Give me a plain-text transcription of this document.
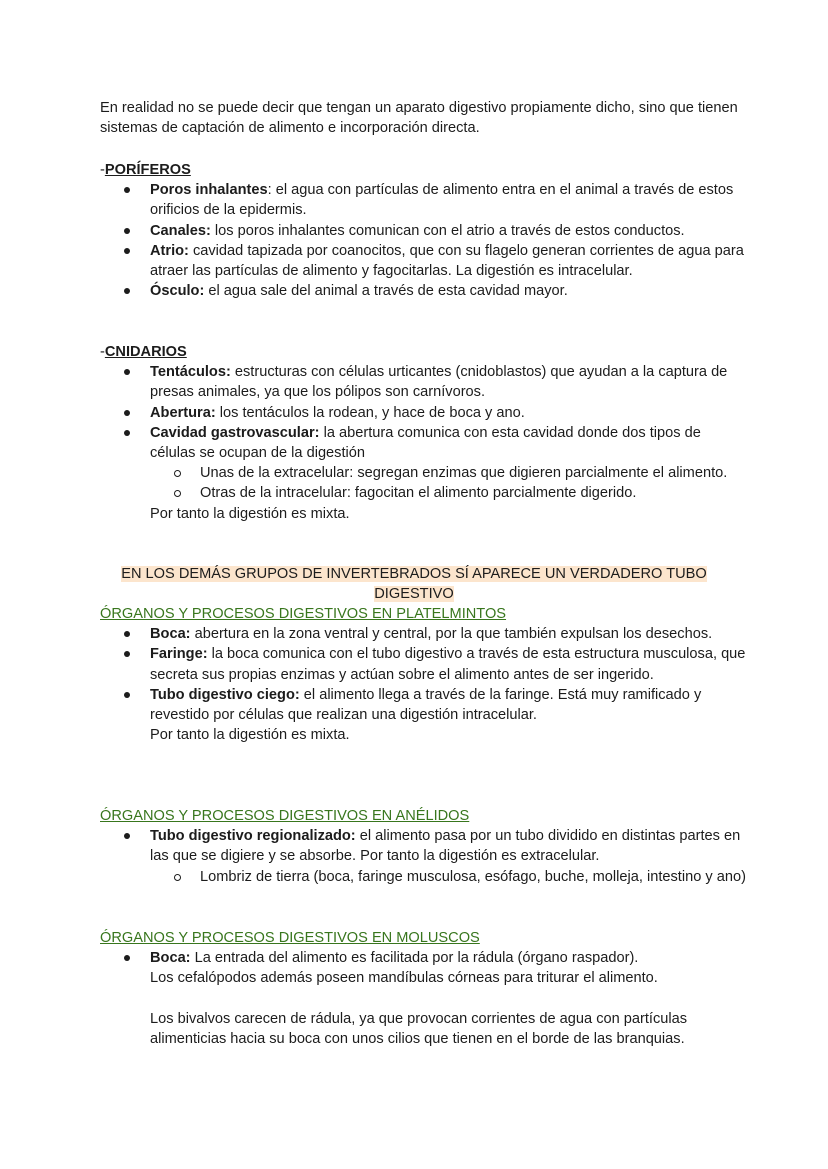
En realidad no se puede decir que tengan un aparato digestivo propiamente dicho, sino que tienen sistemas de captación de alimento e incorporación directa.

-PORÍFEROS

Poros inhalantes: el agua con partículas de alimento entra en el animal a través de estos orificios de la epidermis.
Canales: los poros inhalantes comunican con el atrio a través de estos conductos.
Atrio: cavidad tapizada por coanocitos, que con su flagelo generan corrientes de agua para atraer las partículas de alimento y fagocitarlas. La digestión es intracelular.
Ósculo: el agua sale del animal a través de esta cavidad mayor.

-CNIDARIOS

Tentáculos: estructuras con células urticantes (cnidoblastos) que ayudan a la captura de presas animales, ya que los pólipos son carnívoros.
Abertura: los tentáculos la rodean, y hace de boca y ano.
Cavidad gastrovascular: la abertura comunica con esta cavidad donde dos tipos de células se ocupan de la digestión
Unas de la extracelular: segregan enzimas que digieren parcialmente el alimento.
Otras de la intracelular: fagocitan el alimento parcialmente digerido.

Por tanto la digestión es mixta.

EN LOS DEMÁS GRUPOS DE INVERTEBRADOS SÍ APARECE UN VERDADERO TUBO DIGESTIVO

ÓRGANOS Y PROCESOS DIGESTIVOS EN PLATELMINTOS

Boca: abertura en la zona ventral y central, por la que también expulsan los desechos.
Faringe: la boca comunica con el tubo digestivo a través de esta estructura musculosa, que secreta sus propias enzimas y actúan sobre el alimento antes de ser ingerido.
Tubo digestivo ciego: el alimento llega a través de la faringe. Está muy ramificado y revestido por células que realizan una digestión intracelular.

Por tanto la digestión es mixta.

ÓRGANOS Y PROCESOS DIGESTIVOS EN ANÉLIDOS

Tubo digestivo regionalizado: el alimento pasa por un tubo dividido en distintas partes en las que se digiere y se absorbe. Por tanto la digestión es extracelular.
Lombriz de tierra (boca, faringe musculosa, esófago, buche, molleja, intestino y ano)

ÓRGANOS Y PROCESOS DIGESTIVOS EN MOLUSCOS

Boca: La entrada del alimento es facilitada por la rádula (órgano raspador).
Los cefalópodos además poseen mandíbulas córneas para triturar el alimento.

Los bivalvos carecen de rádula, ya que provocan corrientes de agua con partículas alimenticias hacia su boca con unos cilios que tienen en el borde de las branquias.
